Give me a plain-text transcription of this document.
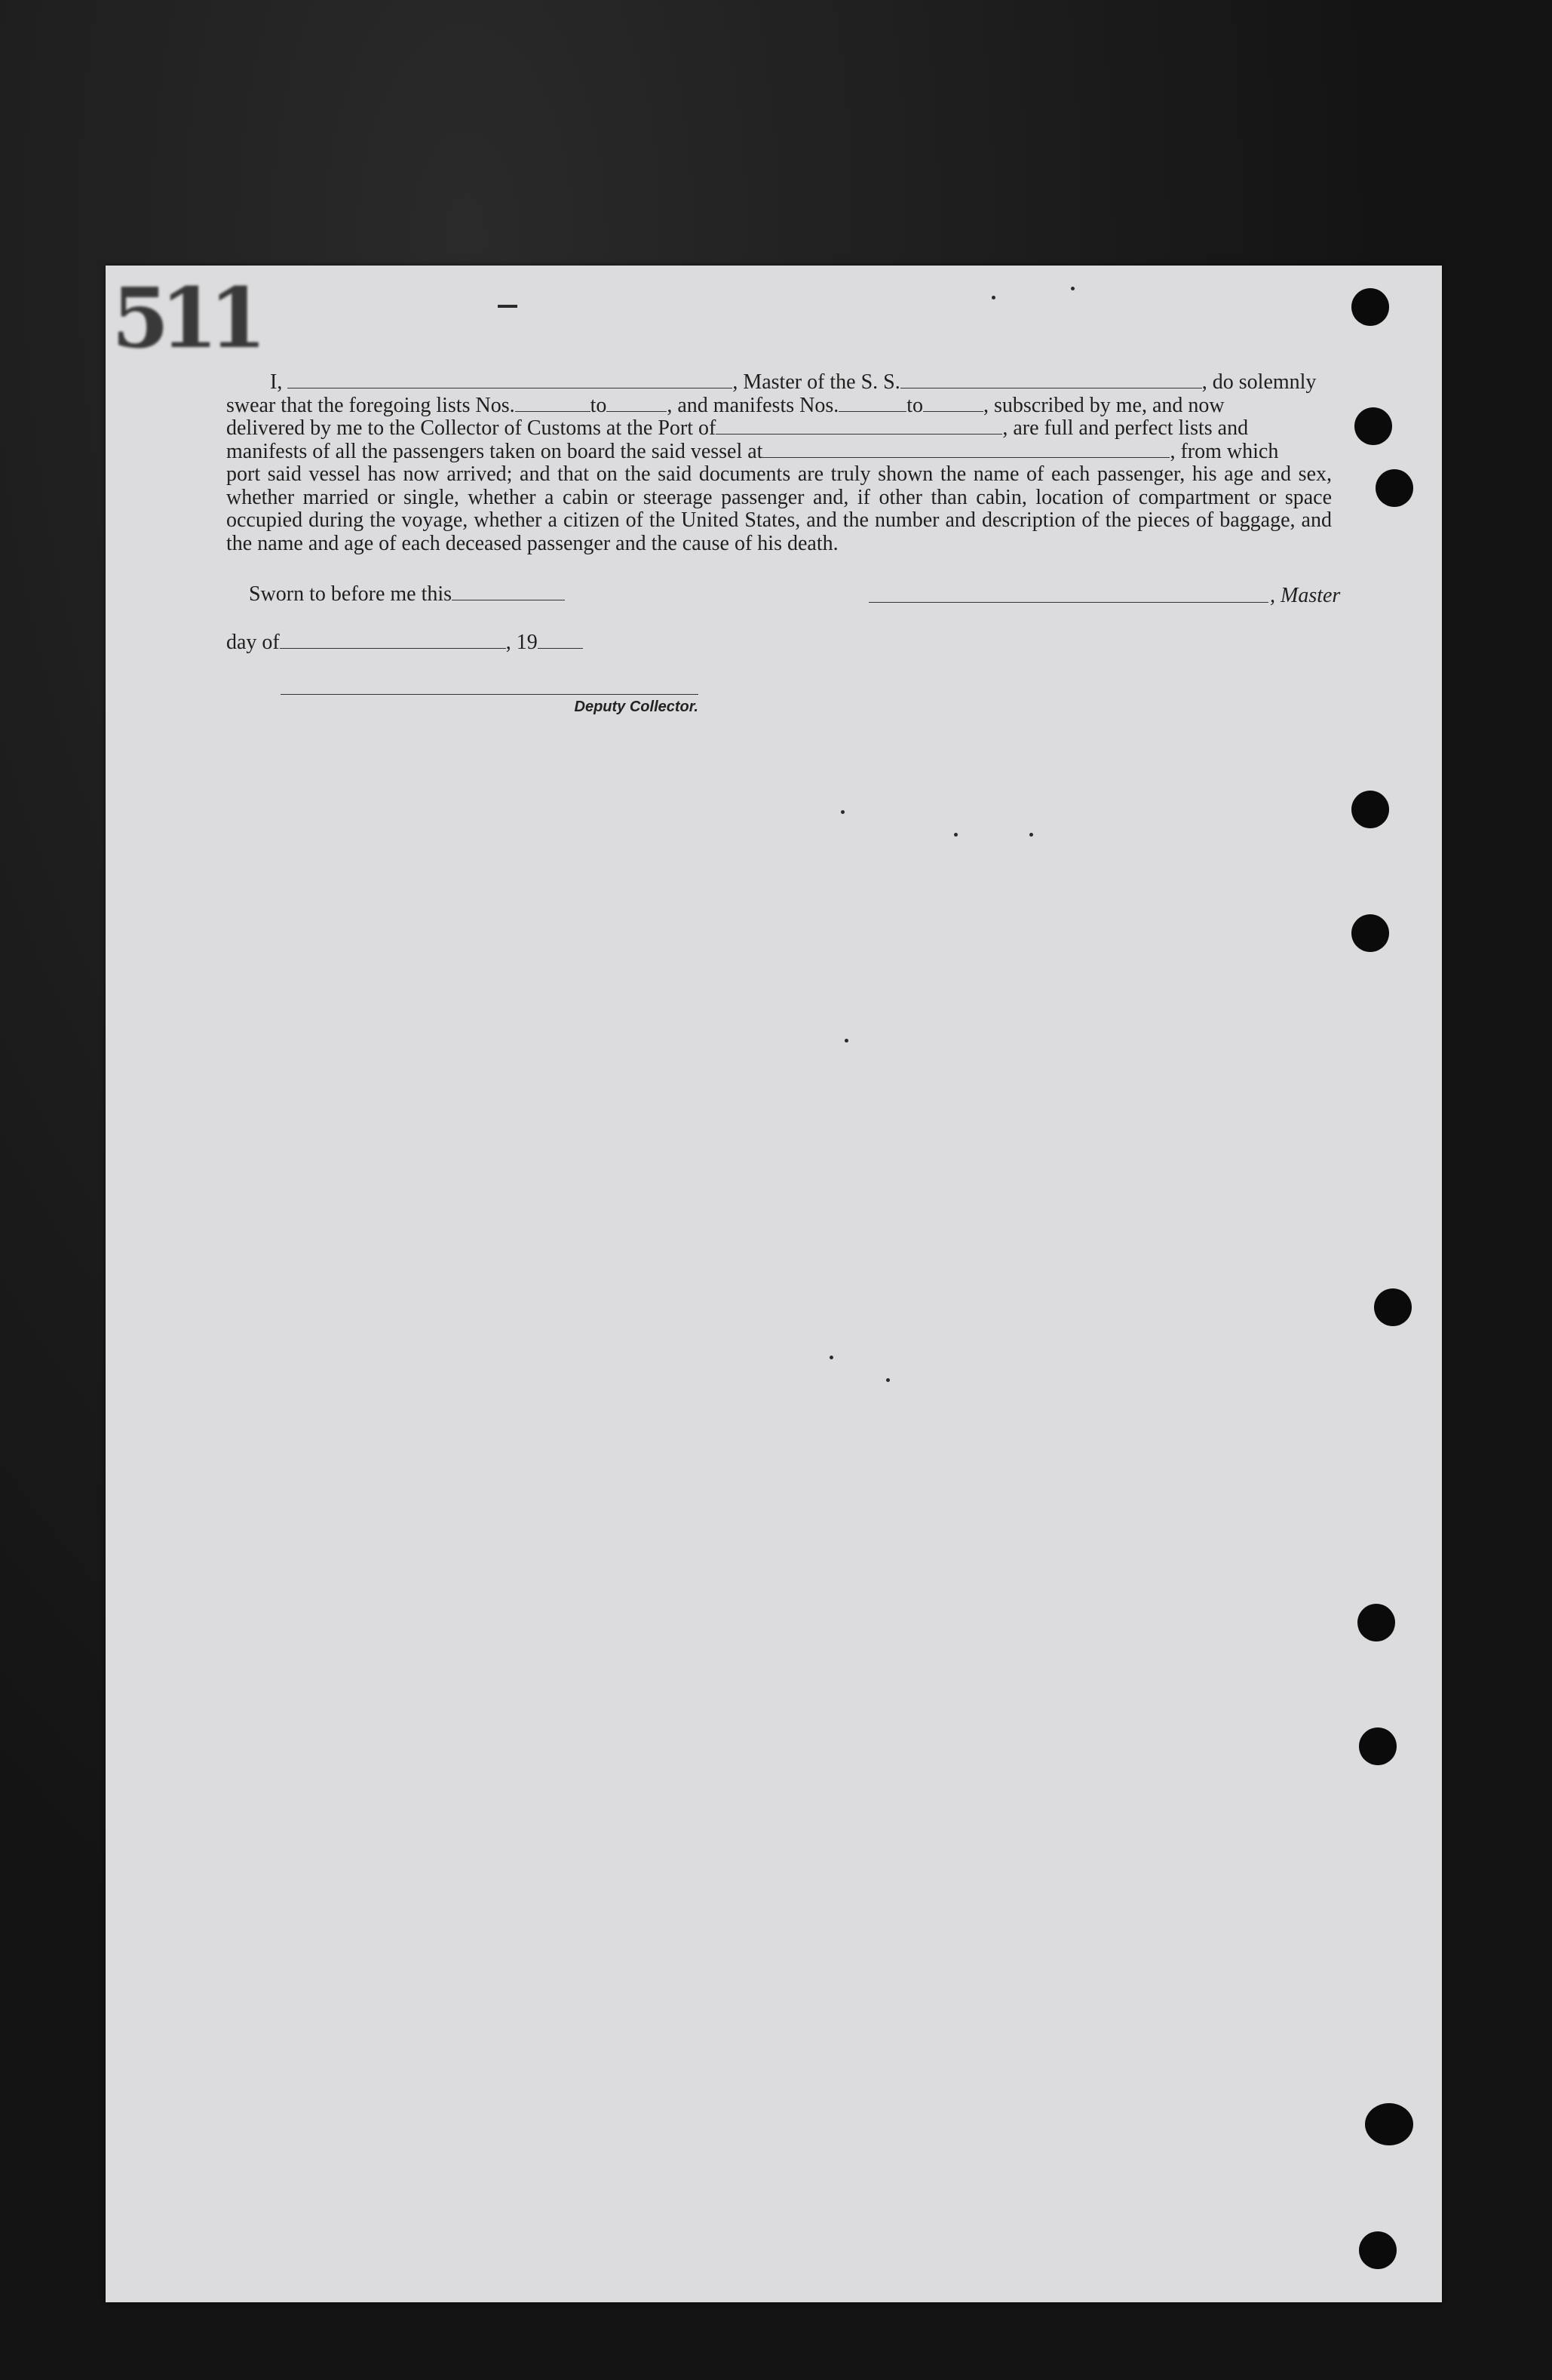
511
I,	, Master of the S. S.	, do solemnly
swear that the foregoing lists Nos.	to	, and manifests Nos.	to	, subscribed by me, and now
delivered by me to the Collector of Customs at the Port of	, are full and perfect lists and
manifests of all the passengers taken on board the said vessel at	, from which
port said vessel has now arrived; and that on the said documents are truly shown the name of each passenger, his age and sex, whether married or single, whether a cabin or steerage passenger and, if other than cabin, location of compartment or space occupied during the voyage, whether a citizen of the United States, and the number and description of the pieces of baggage, and the name and age of each deceased passenger and the cause of his death.
Sworn to before me this	, Master
day of	, 19
Deputy Collector.
